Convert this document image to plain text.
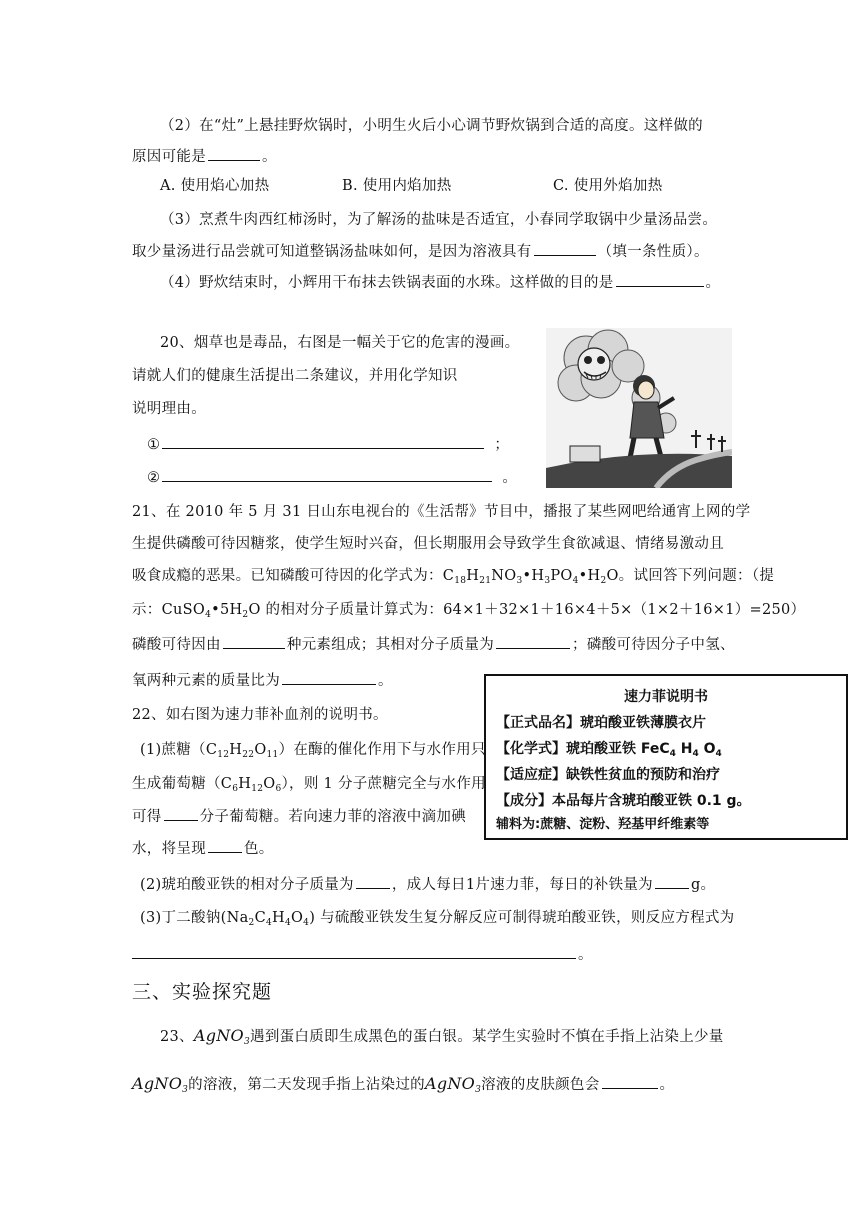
（2）在“灶”上悬挂野炊锅时，小明生火后小心调节野炊锅到合适的高度。这样做的
原因可能是	。
A. 使用焰心加热	B. 使用内焰加热	C. 使用外焰加热
（3）烹煮牛肉西红柿汤时，为了解汤的盐味是否适宜，小春同学取锅中少量汤品尝。
取少量汤进行品尝就可知道整锅汤盐味如何，是因为溶液具有	（填一条性质）。
（4）野炊结束时，小辉用干布抹去铁锅表面的水珠。这样做的目的是	。
20、烟草也是毒品，右图是一幅关于它的危害的漫画。
请就人们的健康生活提出二条建议，并用化学知识
说明理由。
①	；
②	。
21、在 2010 年 5 月 31 日山东电视台的《生活帮》节目中，播报了某些网吧给通宵上网的学
生提供磷酸可待因糖浆，使学生短时兴奋，但长期服用会导致学生食欲减退、情绪易激动且
吸食成瘾的恶果。已知磷酸可待因的化学式为：$C_{18}H_{21}NO_3•H_3PO_4•H_2O$。试回答下列问题：（提
示：$CuSO_4•5H_2O$ 的相对分子质量计算式为：64×1＋32×1＋16×4＋5×（1×2＋16×1）=250）
磷酸可待因由	种元素组成；其相对分子质量为	；磷酸可待因分子中氢、
氧两种元素的质量比为	。
22、如右图为速力菲补血剂的说明书。
(1)蔗糖$(C_{12}H_{22}O_{11})$在酶的催化作用下与水作用只
生成葡萄糖$(C_6H_{12}O_6)$，则 1 分子蔗糖完全与水作用
可得	分子葡萄糖。若向速力菲的溶液中滴加碘
水，将呈现	色。
速力菲说明书
【正式品名】琥珀酸亚铁薄膜衣片
【化学式】琥珀酸亚铁 FeC$_4$ $H_4$ $O_4$
【适应症】缺铁性贫血的预防和治疗
【成分】本品每片含琥珀酸亚铁 0.1 g。
辅料为:蔗糖、淀粉、羟基甲纤维素等
(2)琥珀酸亚铁的相对分子质量为	，成人每日1片速力菲，每日的补铁量为	g。
(3)丁二酸钠$(Na_2C_4H_4O_4)$ 与硫酸亚铁发生复分解反应可制得琥珀酸亚铁，则反应方程式为
。
三、实验探究题
23、AgNO$_3$遇到蛋白质即生成黑色的蛋白银。某学生实验时不慎在手指上沾染上少量
AgNO$_3$的溶液，第二天发现手指上沾染过的AgNO$_3$溶液的皮肤颜色会	。
